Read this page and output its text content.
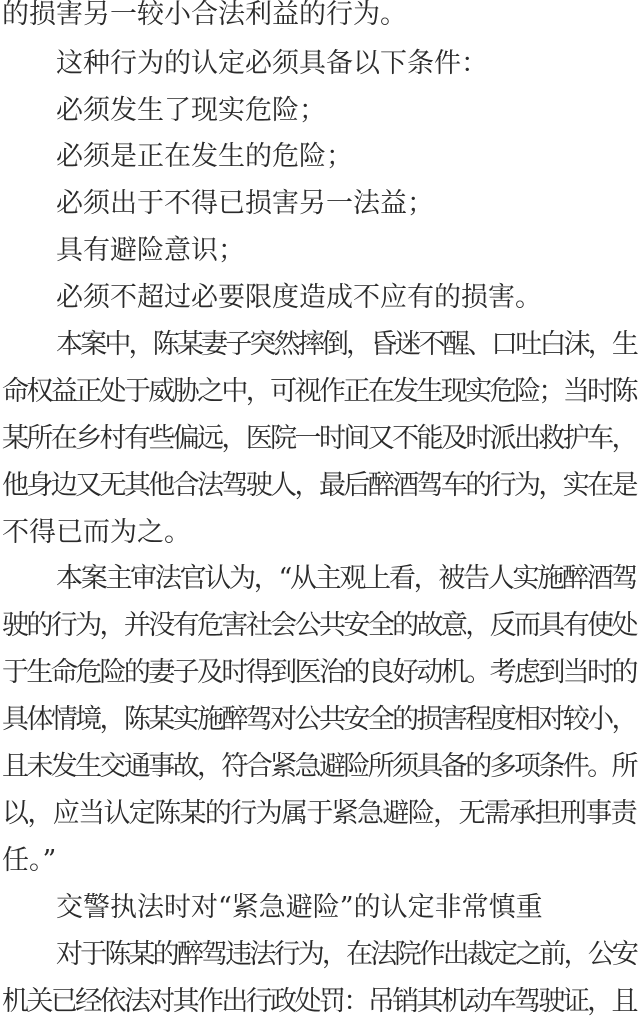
的损害另一较小合法利益的行为。
这种行为的认定必须具备以下条件：
必须发生了现实危险；
必须是正在发生的危险；
必须出于不得已损害另一法益；
具有避险意识；
必须不超过必要限度造成不应有的损害。
本案中，陈某妻子突然摔倒，昏迷不醒、口吐白沫，生
命权益正处于威胁之中，可视作正在发生现实危险；当时陈
某所在乡村有些偏远，医院一时间又不能及时派出救护车，
他身边又无其他合法驾驶人，最后醉酒驾车的行为，实在是
不得已而为之。
本案主审法官认为，“从主观上看，被告人实施醉酒驾
驶的行为，并没有危害社会公共安全的故意，反而具有使处
于生命危险的妻子及时得到医治的良好动机。考虑到当时的
具体情境，陈某实施醉驾对公共安全的损害程度相对较小，
且未发生交通事故，符合紧急避险所须具备的多项条件。所
以，应当认定陈某的行为属于紧急避险，无需承担刑事责
任。”
交警执法时对“紧急避险”的认定非常慎重
对于陈某的醉驾违法行为，在法院作出裁定之前，公安
机关已经依法对其作出行政处罚：吊销其机动车驾驶证，且
